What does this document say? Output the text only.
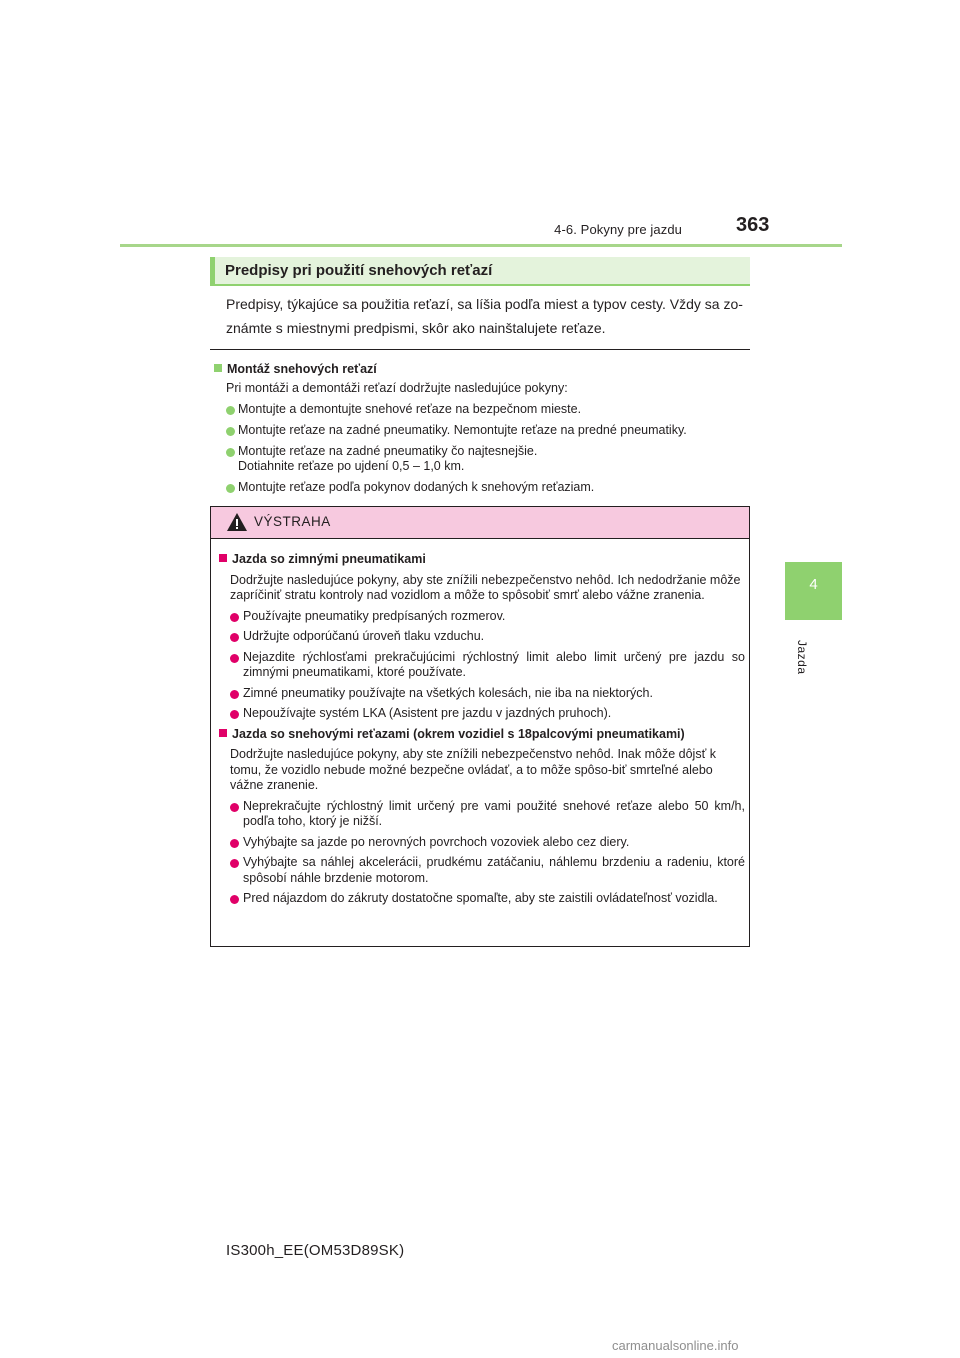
4-6. Pokyny pre jazdu	363
4
Jazda
Predpisy pri použití snehových reťazí
Predpisy, týkajúce sa použitia reťazí, sa líšia podľa miest a typov cesty. Vždy sa zo-známte s miestnymi predpismi, skôr ako nainštalujete reťaze.
Montáž snehových reťazí
Pri montáži a demontáži reťazí dodržujte nasledujúce pokyny:
Montujte a demontujte snehové reťaze na bezpečnom mieste.
Montujte reťaze na zadné pneumatiky. Nemontujte reťaze na predné pneumatiky.
Montujte reťaze na zadné pneumatiky čo najtesnejšie.
Dotiahnite reťaze po ujdení 0,5 – 1,0 km.
Montujte reťaze podľa pokynov dodaných k snehovým reťaziam.
VÝSTRAHA
Jazda so zimnými pneumatikami
Dodržujte nasledujúce pokyny, aby ste znížili nebezpečenstvo nehôd. Ich nedodržanie môže zapríčiniť stratu kontroly nad vozidlom a môže to spôsobiť smrť alebo vážne zranenia.
Používajte pneumatiky predpísaných rozmerov.
Udržujte odporúčanú úroveň tlaku vzduchu.
Nejazdite rýchlosťami prekračujúcimi rýchlostný limit alebo limit určený pre jazdu so zimnými pneumatikami, ktoré používate.
Zimné pneumatiky používajte na všetkých kolesách, nie iba na niektorých.
Nepoužívajte systém LKA (Asistent pre jazdu v jazdných pruhoch).
Jazda so snehovými reťazami (okrem vozidiel s 18palcovými pneumatikami)
Dodržujte nasledujúce pokyny, aby ste znížili nebezpečenstvo nehôd. Inak môže dôjsť k tomu, že vozidlo nebude možné bezpečne ovládať, a to môže spôso-biť smrteľné alebo vážne zranenie.
Neprekračujte rýchlostný limit určený pre vami použité snehové reťaze alebo 50 km/h, podľa toho, ktorý je nižší.
Vyhýbajte sa jazde po nerovných povrchoch vozoviek alebo cez diery.
Vyhýbajte sa náhlej akcelerácii, prudkému zatáčaniu, náhlemu brzdeniu a radeniu, ktoré spôsobí náhle brzdenie motorom.
Pred nájazdom do zákruty dostatočne spomaľte, aby ste zaistili ovládateľnosť vozidla.
IS300h_EE(OM53D89SK)
carmanualsonline.info
